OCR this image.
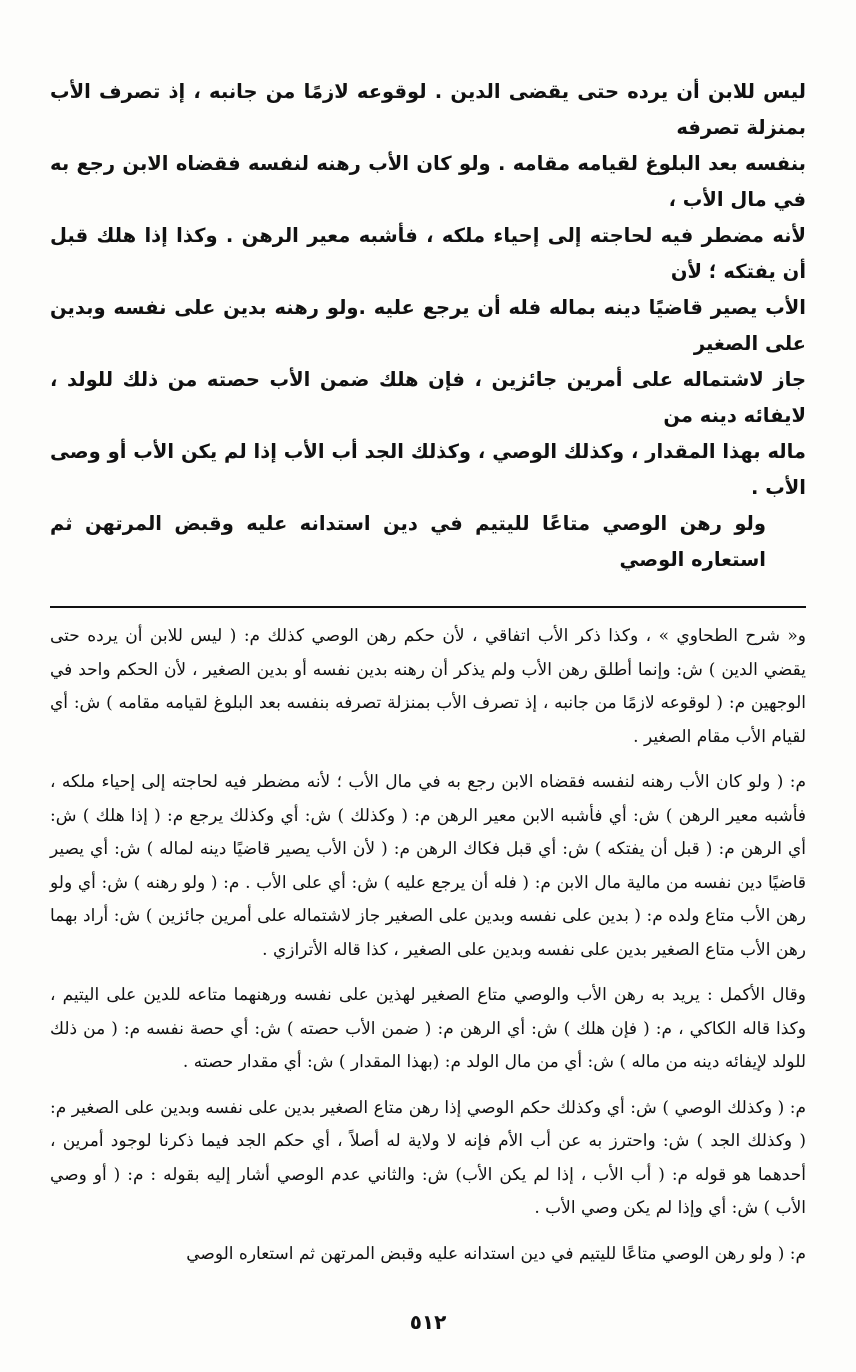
ليس للابن أن يرده حتى يقضى الدين . لوقوعه لازمًا من جانبه ، إذ تصرف الأب بمنزلة تصرفه

بنفسه بعد البلوغ لقيامه مقامه . ولو كان الأب رهنه لنفسه فقضاه الابن رجع به في مال الأب ،

لأنه مضطر فيه لحاجته إلى إحياء ملكه ، فأشبه معير الرهن . وكذا إذا هلك قبل أن يفتكه ؛ لأن

الأب يصير قاضيًا دينه بماله فله أن يرجع عليه .ولو رهنه بدين على نفسه وبدين على الصغير

جاز لاشتماله على أمرين جائزين ، فإن هلك ضمن الأب حصته من ذلك للولد ، لايفائه دينه من

ماله بهذا المقدار ، وكذلك الوصي ، وكذلك الجد أب الأب إذا لم يكن الأب أو وصى الأب .

ولو رهن الوصي متاعًا لليتيم في دين استدانه عليه وقبض المرتهن ثم استعاره الوصي

و« شرح الطحاوي » ، وكذا ذكر الأب اتفاقي ، لأن حكم رهن الوصي كذلك م: ( ليس للابن أن يرده حتى يقضي الدين ) ش: وإنما أطلق رهن الأب ولم يذكر أن رهنه بدين نفسه أو بدين الصغير ، لأن الحكم واحد في الوجهين م: ( لوقوعه لازمًا من جانبه ، إذ تصرف الأب بمنزلة تصرفه بنفسه بعد البلوغ لقيامه مقامه ) ش: أي لقيام الأب مقام الصغير .

م: ( ولو كان الأب رهنه لنفسه فقضاه الابن رجع به في مال الأب ؛ لأنه مضطر فيه لحاجته إلى إحياء ملكه ، فأشبه معير الرهن ) ش: أي فأشبه الابن معير الرهن م: ( وكذلك ) ش: أي وكذلك يرجع م: ( إذا هلك ) ش: أي الرهن م: ( قبل أن يفتكه ) ش: أي قبل فكاك الرهن م: ( لأن الأب يصير قاضيًا دينه لماله ) ش: أي يصير قاضيًا دين نفسه من مالية مال الابن م: ( فله أن يرجع عليه ) ش: أي على الأب . م: ( ولو رهنه ) ش: أي ولو رهن الأب متاع ولده م: ( بدين على نفسه وبدين على الصغير جاز لاشتماله على أمرين جائزين ) ش: أراد بهما رهن الأب متاع الصغير بدين على نفسه وبدين على الصغير ، كذا قاله الأترازي .

وقال الأكمل : يريد به رهن الأب والوصي متاع الصغير لهذين على نفسه ورهنهما متاعه للدين على اليتيم ، وكذا قاله الكاكي ، م: ( فإن هلك ) ش: أي الرهن م: ( ضمن الأب حصته ) ش: أي حصة نفسه م: ( من ذلك للولد لإيفائه دينه من ماله ) ش: أي من مال الولد م: (بهذا المقدار ) ش: أي مقدار حصته .

م: ( وكذلك الوصي ) ش: أي وكذلك حكم الوصي إذا رهن متاع الصغير بدين على نفسه وبدين على الصغير م: ( وكذلك الجد ) ش: واحترز به عن أب الأم فإنه لا ولاية له أصلاً ، أي حكم الجد فيما ذكرنا لوجود أمرين ، أحدهما هو قوله م: ( أب الأب ، إذا لم يكن الأب) ش: والثاني عدم الوصي أشار إليه بقوله : م: ( أو وصي الأب ) ش: أي وإذا لم يكن وصي الأب .

م: ( ولو رهن الوصي متاعًا لليتيم في دين استدانه عليه وقبض المرتهن ثم استعاره الوصي

٥١٢
